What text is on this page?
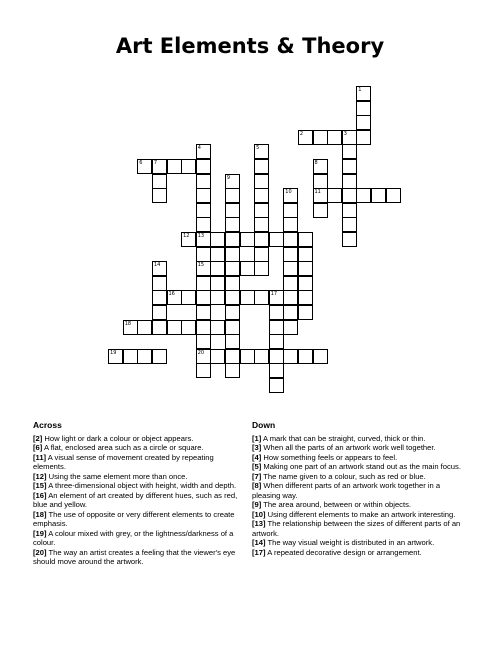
Art Elements & Theory
2	3
6 7
11
12 13
15
16
18
19	20
1
4	5
8
9
10
14
17
Across
[2] How light or dark a colour or object appears.
[6] A flat, enclosed area such as a circle or square.
[11] A visual sense of movement created by repeating elements.
[12] Using the same element more than once.
[15] A three-dimensional object with height, width and depth.
[16] An element of art created by different hues, such as red, blue and yellow.
[18] The use of opposite or very different elements to create emphasis.
[19] A colour mixed with grey, or the lightness/darkness of a colour.
[20] The way an artist creates a feeling that the viewer's eye should move around the artwork.
Down
[1] A mark that can be straight, curved, thick or thin.
[3] When all the parts of an artwork work well together.
[4] How something feels or appears to feel.
[5] Making one part of an artwork stand out as the main focus.
[7] The name given to a colour, such as red or blue.
[8] When different parts of an artwork work together in a pleasing way.
[9] The area around, between or within objects.
[10] Using different elements to make an artwork interesting.
[13] The relationship between the sizes of different parts of an artwork.
[14] The way visual weight is distributed in an artwork.
[17] A repeated decorative design or arrangement.
